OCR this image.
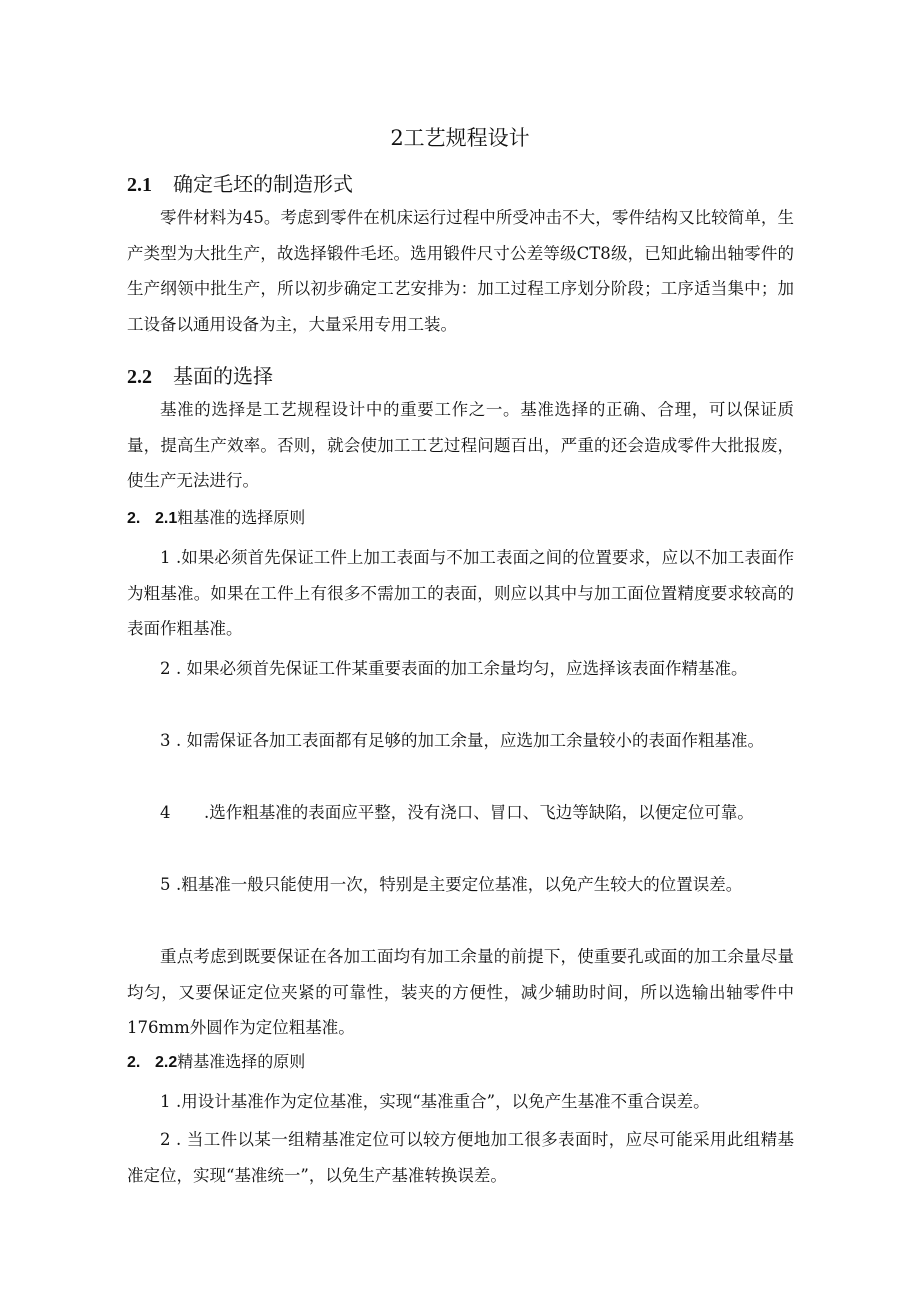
2工艺规程设计
2.1 确定毛坯的制造形式

零件材料为45。考虑到零件在机床运行过程中所受冲击不大，零件结构又比较简单，生产类型为大批生产，故选择锻件毛坯。选用锻件尺寸公差等级CT8级，已知此输出轴零件的生产纲领中批生产，所以初步确定工艺安排为：加工过程工序划分阶段；工序适当集中；加工设备以通用设备为主，大量采用专用工装。

2.2 基面的选择

基准的选择是工艺规程设计中的重要工作之一。基准选择的正确、合理，可以保证质量，提高生产效率。否则，就会使加工工艺过程问题百出，严重的还会造成零件大批报废，使生产无法进行。

2. 2.1粗基准的选择原则

1 .如果必须首先保证工件上加工表面与不加工表面之间的位置要求，应以不加工表面作为粗基准。如果在工件上有很多不需加工的表面，则应以其中与加工面位置精度要求较高的表面作粗基准。

2 . 如果必须首先保证工件某重要表面的加工余量均匀，应选择该表面作精基准。

3 . 如需保证各加工表面都有足够的加工余量，应选加工余量较小的表面作粗基准。

4 .选作粗基准的表面应平整，没有浇口、冒口、飞边等缺陷，以便定位可靠。

5 .粗基准一般只能使用一次，特别是主要定位基准，以免产生较大的位置误差。

重点考虑到既要保证在各加工面均有加工余量的前提下，使重要孔或面的加工余量尽量均匀，又要保证定位夹紧的可靠性，装夹的方便性，减少辅助时间，所以选输出轴零件中176mm外圆作为定位粗基准。

2. 2.2精基准选择的原则

1 .用设计基准作为定位基准，实现“基准重合”，以免产生基准不重合误差。

2 . 当工件以某一组精基准定位可以较方便地加工很多表面时，应尽可能采用此组精基准定位，实现“基准统一”，以免生产基准转换误差。
